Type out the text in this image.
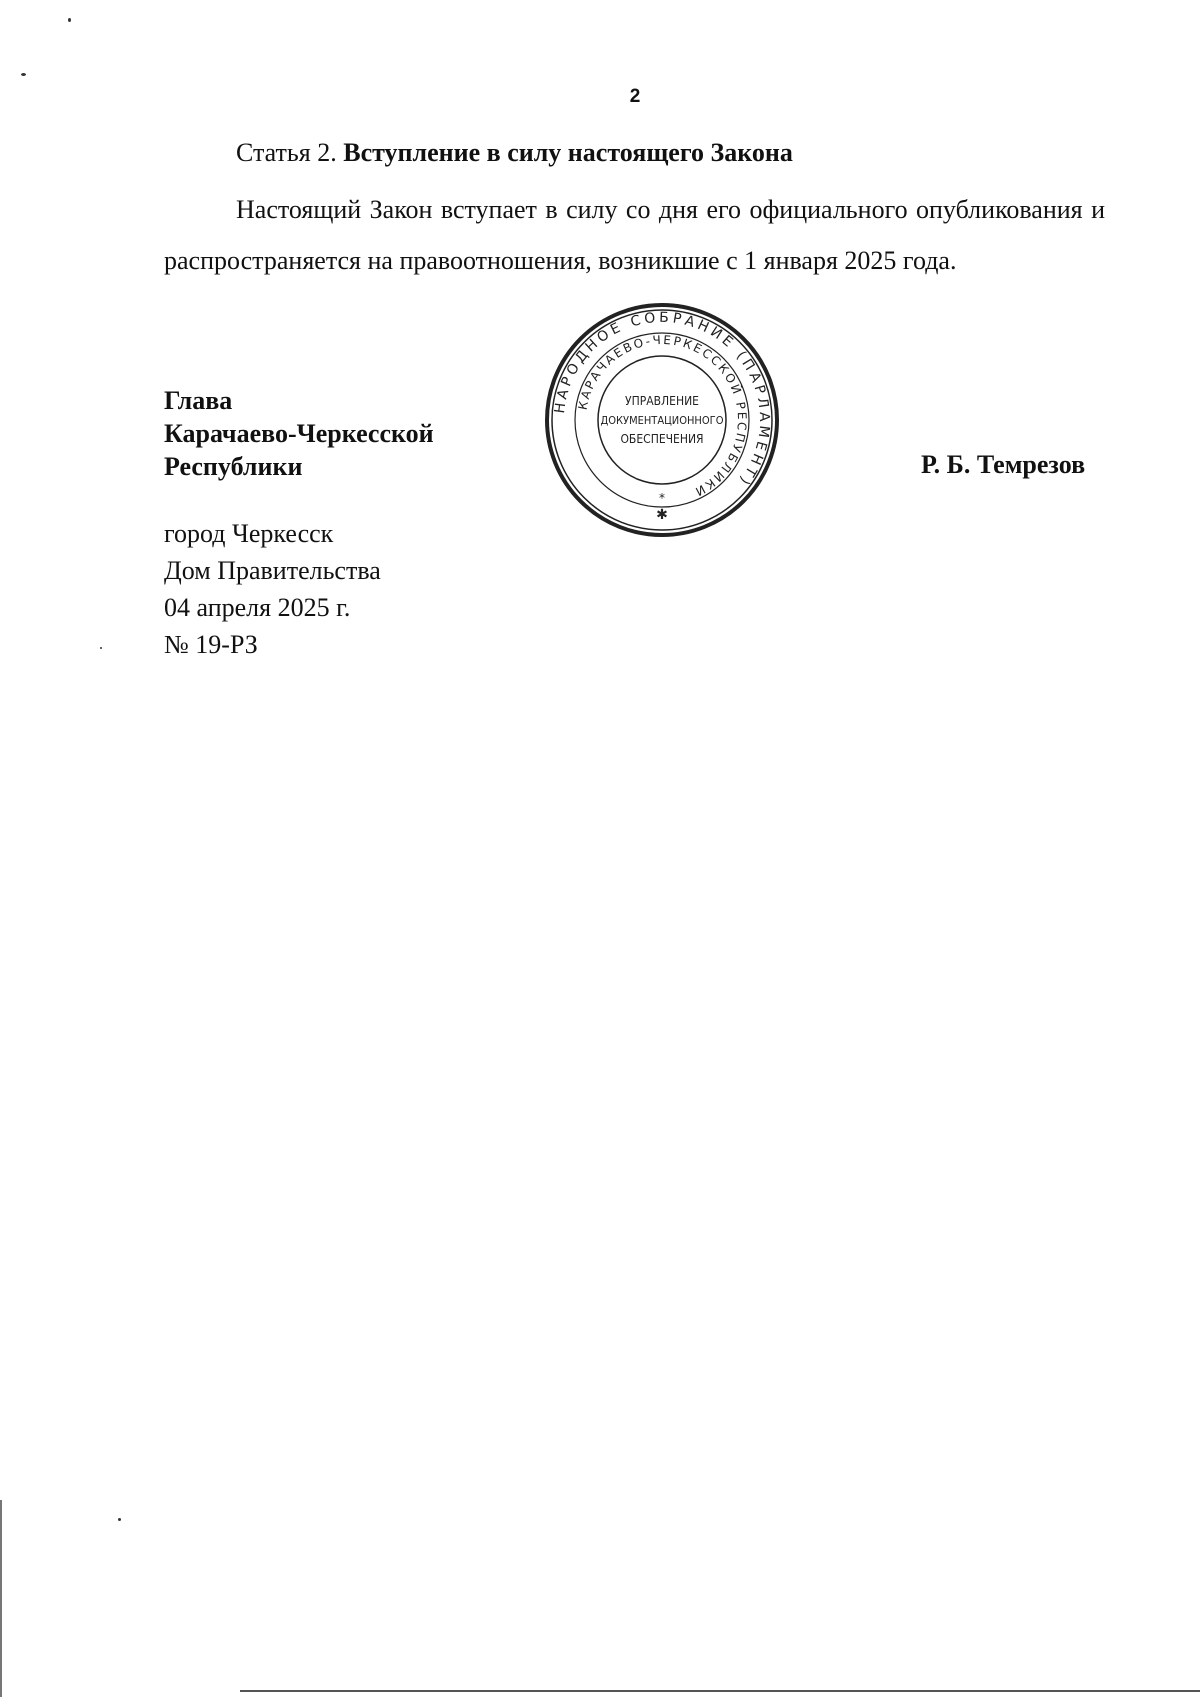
2
Статья 2. Вступление в силу настоящего Закона
Настоящий Закон вступает в силу со дня его официального опубликования и распространяется на правоотношения, возникшие с 1 января 2025 года.
Глава
Карачаево-Черкесской
Республики	Р. Б. Темрезов
город Черкесск
Дом Правительства
04 апреля 2025 г.
№ 19-РЗ
НАРОДНОЕ СОБРАНИЕ (ПАРЛАМЕНТ)
КАРАЧАЕВО-ЧЕРКЕССКОЙ РЕСПУБЛИКИ
УПРАВЛЕНИЕ
ДОКУМЕНТАЦИОННОГО
ОБЕСПЕЧЕНИЯ
*
✱
